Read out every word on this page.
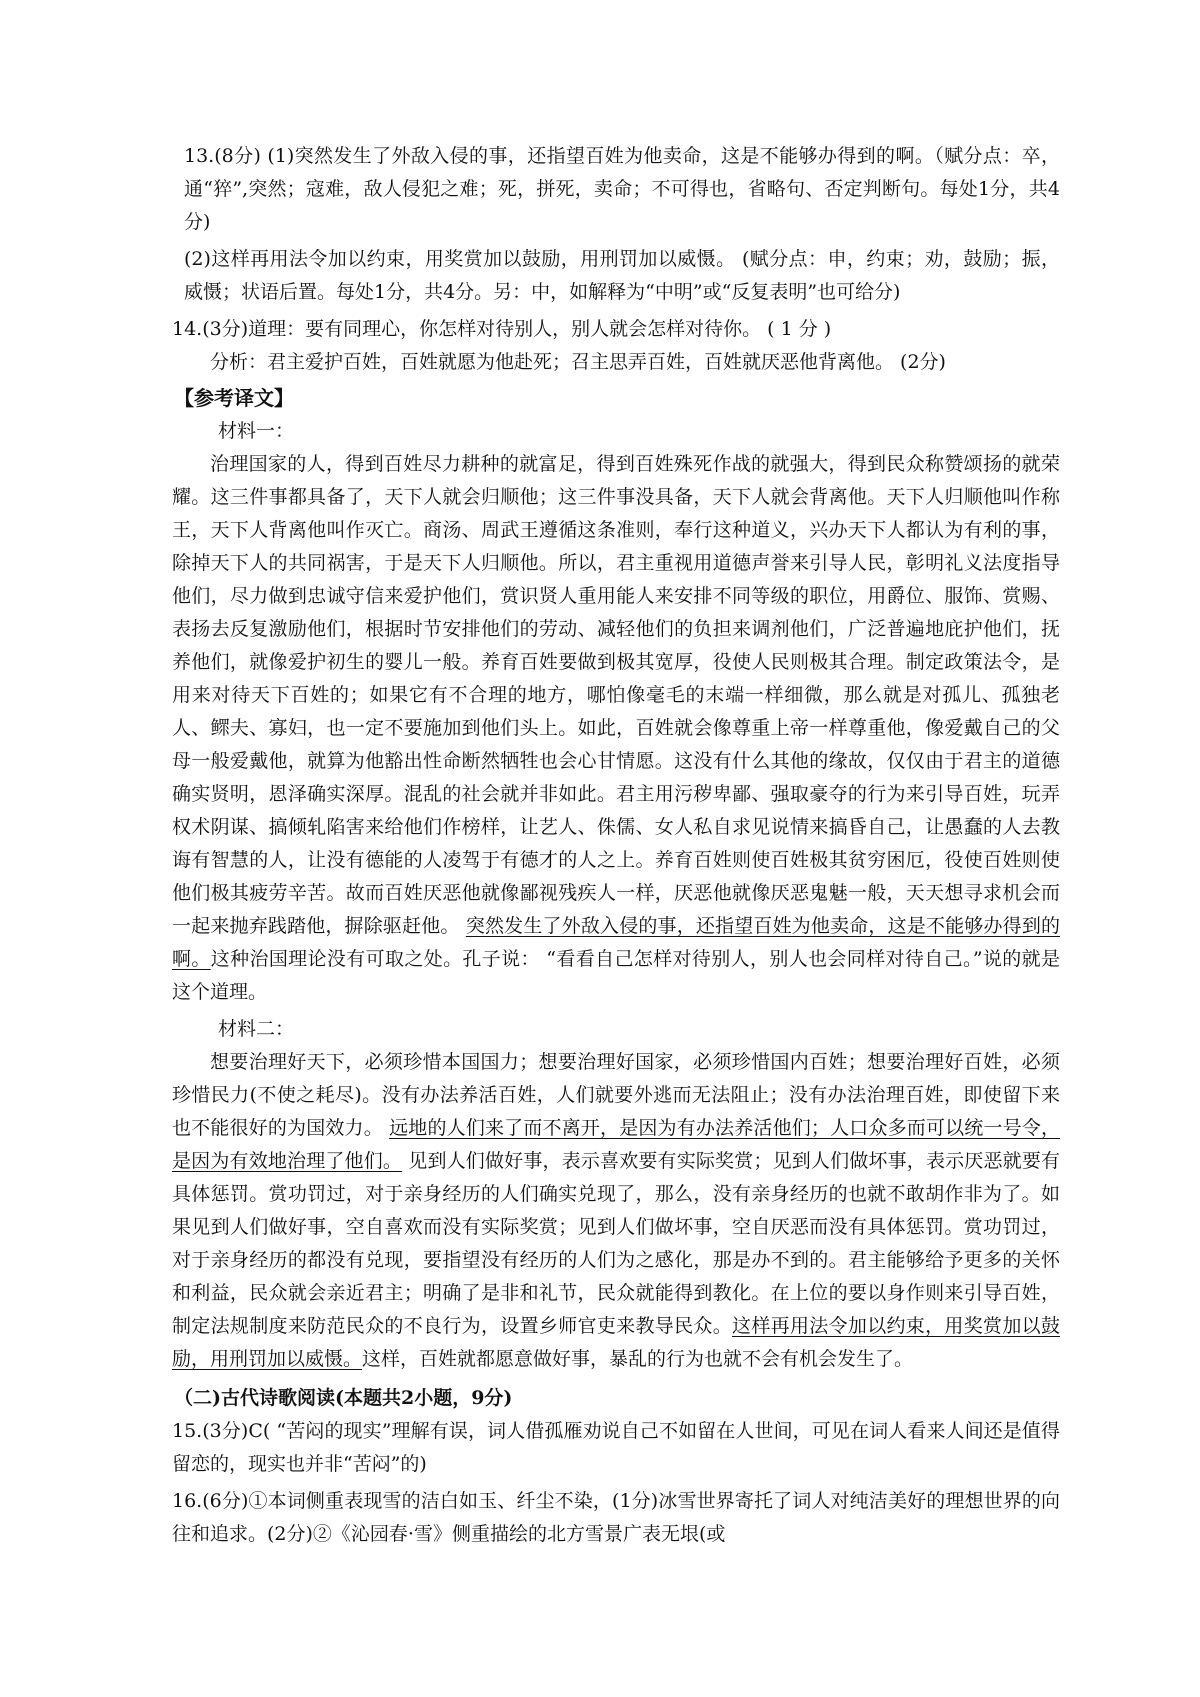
13.(8分) (1)突然发生了外敌入侵的事，还指望百姓为他卖命，这是不能够办得到的啊。（赋分点：卒，通“猝”,突然；寇难，敌人侵犯之难；死，拼死，卖命；不可得也，省略句、否定判断句。每处1分，共4分)

(2)这样再用法令加以约束，用奖赏加以鼓励，用刑罚加以威慑。 (赋分点：申，约束；劝，鼓励；振，威慑；状语后置。每处1分，共4分。另：中，如解释为“中明”或“反复表明”也可给分)

14.(3分)道理：要有同理心，你怎样对待别人，别人就会怎样对待你。 ( 1 分 )

分析：君主爱护百姓，百姓就愿为他赴死；召主思弄百姓，百姓就厌恶他背离他。 (2分)

【参考译文】

材料一：

治理国家的人，得到百姓尽力耕种的就富足，得到百姓殊死作战的就强大，得到民众称赞颂扬的就荣耀。这三件事都具备了，天下人就会归顺他；这三件事没具备，天下人就会背离他。天下人归顺他叫作称王，天下人背离他叫作灭亡。商汤、周武王遵循这条准则，奉行这种道义，兴办天下人都认为有利的事，除掉天下人的共同祸害，于是天下人归顺他。所以，君主重视用道德声誉来引导人民，彰明礼义法度指导他们，尽力做到忠诚守信来爱护他们，赏识贤人重用能人来安排不同等级的职位，用爵位、服饰、赏赐、表扬去反复激励他们，根据时节安排他们的劳动、减轻他们的负担来调剂他们，广泛普遍地庇护他们，抚养他们，就像爱护初生的婴儿一般。养育百姓要做到极其宽厚，役使人民则极其合理。制定政策法令，是用来对待天下百姓的；如果它有不合理的地方，哪怕像毫毛的末端一样细微，那么就是对孤儿、孤独老人、鳏夫、寡妇，也一定不要施加到他们头上。如此，百姓就会像尊重上帝一样尊重他，像爱戴自己的父母一般爱戴他，就算为他豁出性命断然牺牲也会心甘情愿。这没有什么其他的缘故，仅仅由于君主的道德确实贤明，恩泽确实深厚。混乱的社会就并非如此。君主用污秽卑鄙、强取豪夺的行为来引导百姓，玩弄权术阴谋、搞倾轧陷害来给他们作榜样，让艺人、侏儒、女人私自求见说情来搞昏自己，让愚蠢的人去教诲有智慧的人，让没有德能的人凌驾于有德才的人之上。养育百姓则使百姓极其贫穷困厄，役使百姓则使他们极其疲劳辛苦。故而百姓厌恶他就像鄙视残疾人一样，厌恶他就像厌恶鬼魅一般，天天想寻求机会而一起来抛弃践踏他，摒除驱赶他。 突然发生了外敌入侵的事，还指望百姓为他卖命，这是不能够办得到的啊。这种治国理论没有可取之处。孔子说： “看看自己怎样对待别人，别人也会同样对待自己。”说的就是这个道理。

材料二：

想要治理好天下，必须珍惜本国国力；想要治理好国家，必须珍惜国内百姓；想要治理好百姓，必须珍惜民力(不使之耗尽)。没有办法养活百姓，人们就要外逃而无法阻止；没有办法治理百姓，即使留下来也不能很好的为国效力。 远地的人们来了而不离开，是因为有办法养活他们；人口众多而可以统一号令，是因为有效地治理了他们。 见到人们做好事，表示喜欢要有实际奖赏；见到人们做坏事，表示厌恶就要有具体惩罚。赏功罚过，对于亲身经历的人们确实兑现了，那么，没有亲身经历的也就不敢胡作非为了。如果见到人们做好事，空自喜欢而没有实际奖赏；见到人们做坏事，空自厌恶而没有具体惩罚。赏功罚过，对于亲身经历的都没有兑现，要指望没有经历的人们为之感化，那是办不到的。君主能够给予更多的关怀和利益，民众就会亲近君主；明确了是非和礼节，民众就能得到教化。在上位的要以身作则来引导百姓，制定法规制度来防范民众的不良行为，设置乡师官吏来教导民众。这样再用法令加以约束，用奖赏加以鼓励，用刑罚加以威慑。这样，百姓就都愿意做好事，暴乱的行为也就不会有机会发生了。

（二)古代诗歌阅读(本题共2小题，9分)

15.(3分)C( “苦闷的现实”理解有误，词人借孤雁劝说自己不如留在人世间，可见在词人看来人间还是值得留恋的，现实也并非“苦闷”的)

16.(6分)①本词侧重表现雪的洁白如玉、纤尘不染，(1分)冰雪世界寄托了词人对纯洁美好的理想世界的向往和追求。(2分)②《沁园春·雪》侧重描绘的北方雪景广表无垠(或
